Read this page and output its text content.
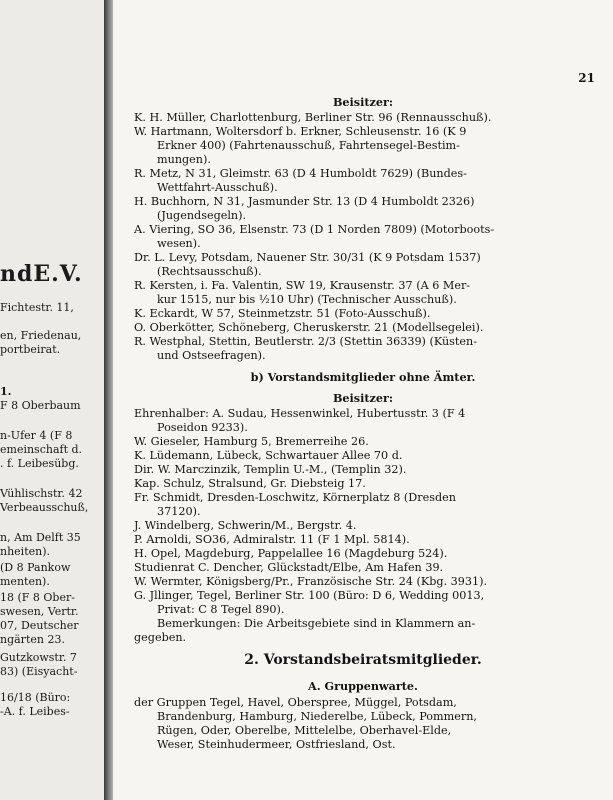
ndE.V.
Fichtestr. 11,
en, Friedenau,
portbeirat.
1.
F 8 Oberbaum
n-Ufer 4 (F 8
emeinschaft d.
. f. Leibesübg.
Vühlischstr. 42
Verbeausschuß,
n, Am Delft 35
nheiten).
(D 8 Pankow
menten).
18 (F 8 Ober-
swesen, Vertr.
07, Deutscher
ngärten 23.
Gutzkowstr. 7
83) (Eisyacht-
16/18 (Büro:
-A. f. Leibes-
21
Beisitzer:
K. H. Müller, Charlottenburg, Berliner Str. 96 (Rennausschuß).
W. Hartmann, Woltersdorf b. Erkner, Schleusenstr. 16 (K 9
Erkner 400) (Fahrtenausschuß, Fahrtensegel-Bestim-
mungen).
R. Metz, N 31, Gleimstr. 63 (D 4 Humboldt 7629) (Bundes-
Wettfahrt-Ausschuß).
H. Buchhorn, N 31, Jasmunder Str. 13 (D 4 Humboldt 2326)
(Jugendsegeln).
A. Viering, SO 36, Elsenstr. 73 (D 1 Norden 7809) (Motorboots-
wesen).
Dr. L. Levy, Potsdam, Nauener Str. 30/31 (K 9 Potsdam 1537)
(Rechtsausschuß).
R. Kersten, i. Fa. Valentin, SW 19, Krausenstr. 37 (A 6 Mer-
kur 1515, nur bis ½10 Uhr) (Technischer Ausschuß).
K. Eckardt, W 57, Steinmetzstr. 51 (Foto-Ausschuß).
O. Oberkötter, Schöneberg, Cheruskerstr. 21 (Modellsegelei).
R. Westphal, Stettin, Beutlerstr. 2/3 (Stettin 36339) (Küsten-
und Ostseefragen).
b) Vorstandsmitglieder ohne Ämter.
Beisitzer:
Ehrenhalber: A. Sudau, Hessenwinkel, Hubertusstr. 3 (F 4
Poseidon 9233).
W. Gieseler, Hamburg 5, Bremerreihe 26.
K. Lüdemann, Lübeck, Schwartauer Allee 70 d.
Dir. W. Marczinzik, Templin U.-M., (Templin 32).
Kap. Schulz, Stralsund, Gr. Diebsteig 17.
Fr. Schmidt, Dresden-Loschwitz, Körnerplatz 8 (Dresden
37120).
J. Windelberg, Schwerin/M., Bergstr. 4.
P. Arnoldi, SO36, Admiralstr. 11 (F 1 Mpl. 5814).
H. Opel, Magdeburg, Pappelallee 16 (Magdeburg 524).
Studienrat C. Dencher, Glückstadt/Elbe, Am Hafen 39.
W. Wermter, Königsberg/Pr., Französische Str. 24 (Kbg. 3931).
G. Jllinger, Tegel, Berliner Str. 100 (Büro: D 6, Wedding 0013,
Privat: C 8 Tegel 890).
Bemerkungen: Die Arbeitsgebiete sind in Klammern an-
gegeben.
2. Vorstandsbeiratsmitglieder.
A. Gruppenwarte.
der Gruppen Tegel, Havel, Oberspree, Müggel, Potsdam,
Brandenburg, Hamburg, Niederelbe, Lübeck, Pommern,
Rügen, Oder, Oberelbe, Mittelelbe, Oberhavel-Elde,
Weser, Steinhudermeer, Ostfriesland, Ost.
